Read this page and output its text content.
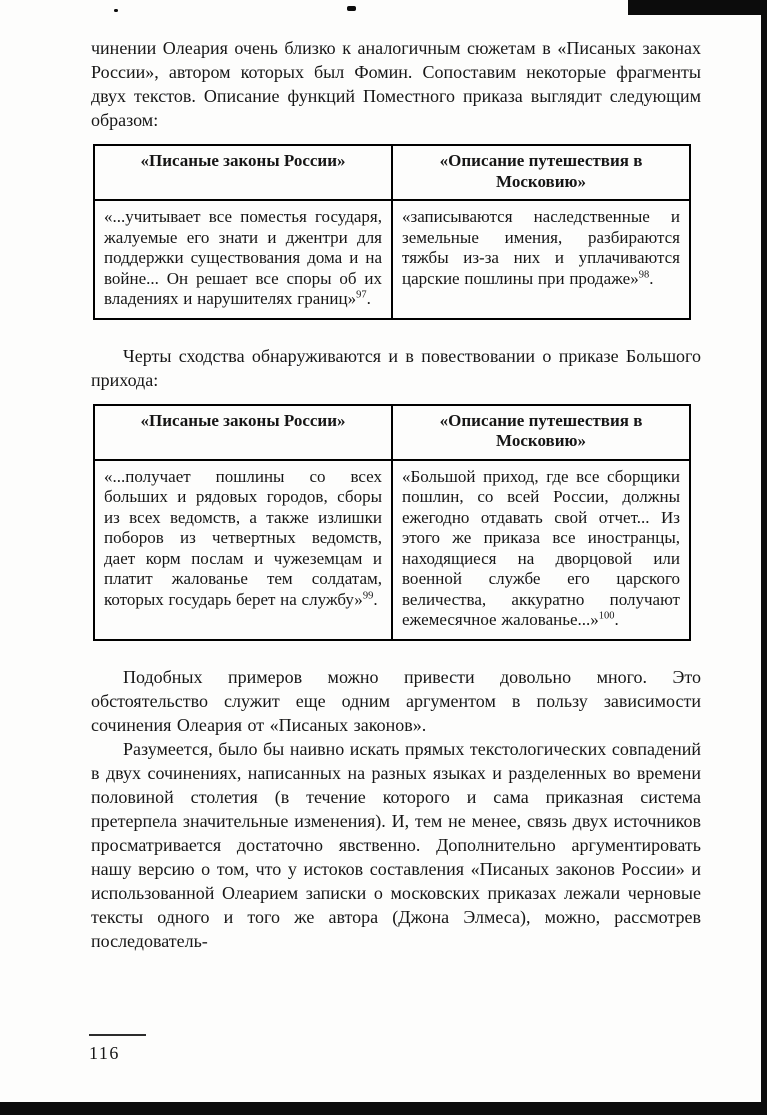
чинении Олеария очень близко к аналогичным сюжетам в «Писаных законах России», автором которых был Фомин. Сопоставим некоторые фрагменты двух текстов. Описание функций Поместного приказа выглядит следующим образом:

«Писаные законы России»	«Описание путешествия в Московию»
«...учитывает все поместья государя, жалуемые его знати и джентри для поддержки существования дома и на войне... Он решает все споры об их владениях и нарушителях границ»$^{97}$.	«записываются наследственные и земельные имения, разбираются тяжбы из-за них и уплачиваются царские пошлины при продаже»$^{98}$.

Черты сходства обнаруживаются и в повествовании о приказе Большого прихода:

«Писаные законы России»	«Описание путешествия в Московию»
«...получает пошлины со всех больших и рядовых городов, сборы из всех ведомств, а также излишки поборов из четвертных ведомств, дает корм послам и чужеземцам и платит жалованье тем солдатам, которых государь берет на службу»$^{99}$.	«Большой приход, где все сборщики пошлин, со всей России, должны ежегодно отдавать свой отчет... Из этого же приказа все иностранцы, находящиеся на дворцовой или военной службе его царского величества, аккуратно получают ежемесячное жалованье...»$^{100}$.

Подобных примеров можно привести довольно много. Это обстоятельство служит еще одним аргументом в пользу зависимости сочинения Олеария от «Писаных законов».

Разумеется, было бы наивно искать прямых текстологических совпадений в двух сочинениях, написанных на разных языках и разделенных во времени половиной столетия (в течение которого и сама приказная система претерпела значительные изменения). И, тем не менее, связь двух источников просматривается достаточно явственно. Дополнительно аргументировать нашу версию о том, что у истоков составления «Писаных законов России» и использованной Олеарием записки о московских приказах лежали черновые тексты одного и того же автора (Джона Элмеса), можно, рассмотрев последователь-

116
